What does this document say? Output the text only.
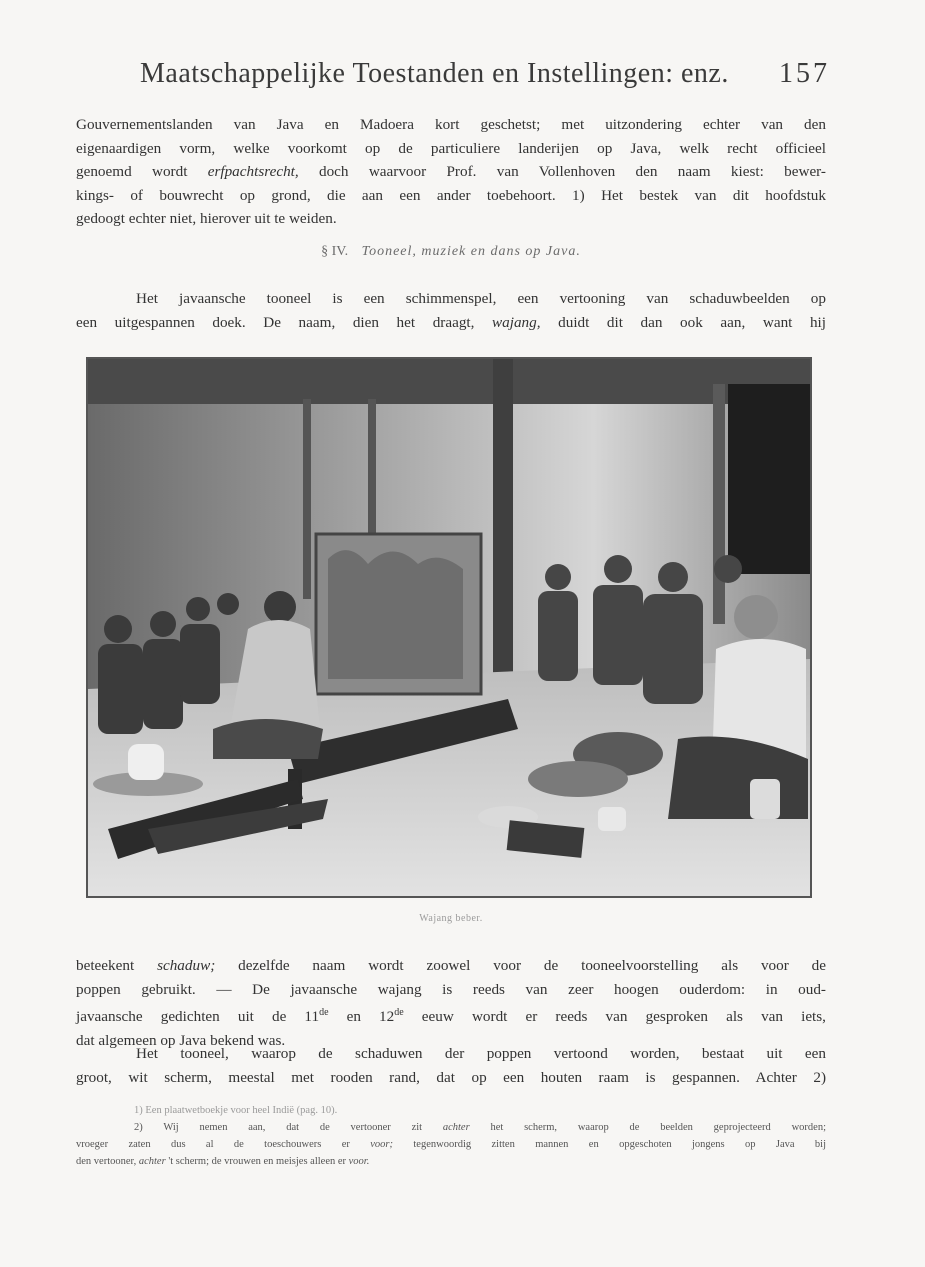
Maatschappelijke Toestanden en Instellingen: enz. 157
Gouvernementslanden van Java en Madoera kort geschetst; met uitzondering echter van den
eigenaardigen vorm, welke voorkomt op de particuliere landerijen op Java, welk recht officieel
genoemd wordt erfpachtsrecht, doch waarvoor Prof. van Vollenhoven den naam kiest: bewer-
kings- of bouwrecht op grond, die aan een ander toebehoort. 1) Het bestek van dit hoofdstuk
gedoogt echter niet, hierover uit te weiden.
§ IV. Tooneel, muziek en dans op Java.
Het javaansche tooneel is een schimmenspel, een vertooning van schaduwbeelden op
een uitgespannen doek. De naam, dien het draagt, wajang, duidt dit dan ook aan, want hij
Wajang beber.
beteekent schaduw; dezelfde naam wordt zoowel voor de tooneelvoorstelling als voor de
poppen gebruikt. — De javaansche wajang is reeds van zeer hoogen ouderdom: in oud-
javaansche gedichten uit de 11de en 12de eeuw wordt er reeds van gesproken als van iets,
dat algemeen op Java bekend was.
Het tooneel, waarop de schaduwen der poppen vertoond worden, bestaat uit een
groot, wit scherm, meestal met rooden rand, dat op een houten raam is gespannen. Achter 2)
1) Een plaatwetboekje voor heel Indië (pag. 10).
2) Wij nemen aan, dat de vertooner zit achter het scherm, waarop de beelden geprojecteerd worden;
vroeger zaten dus al de toeschouwers er voor; tegenwoordig zitten mannen en opgeschoten jongens op Java bij
den vertooner, achter 't scherm; de vrouwen en meisjes alleen er voor.
